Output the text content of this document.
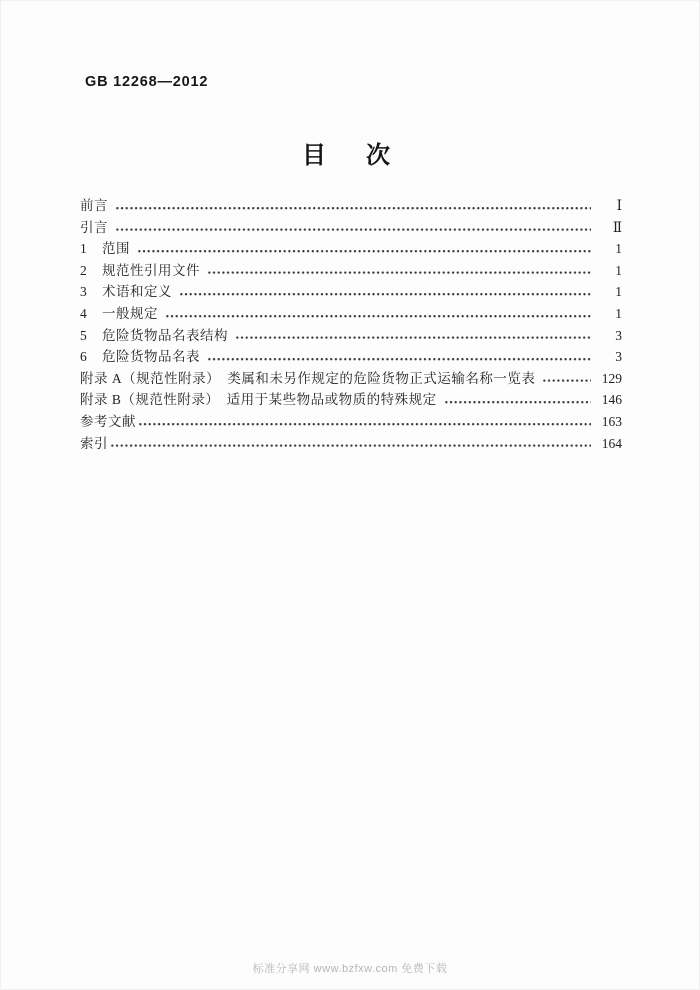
GB 12268—2012
目　次
前言	Ⅰ
引言	Ⅱ
1	范围	1
2	规范性引用文件	1
3	术语和定义	1
4	一般规定	1
5	危险货物品名表结构	3
6	危险货物品名表	3
附录 A（规范性附录）　类属和未另作规定的危险货物正式运输名称一览表	129
附录 B（规范性附录）　适用于某些物品或物质的特殊规定	146
参考文献	163
索引	164
标准分享网 www.bzfxw.com 免费下载
